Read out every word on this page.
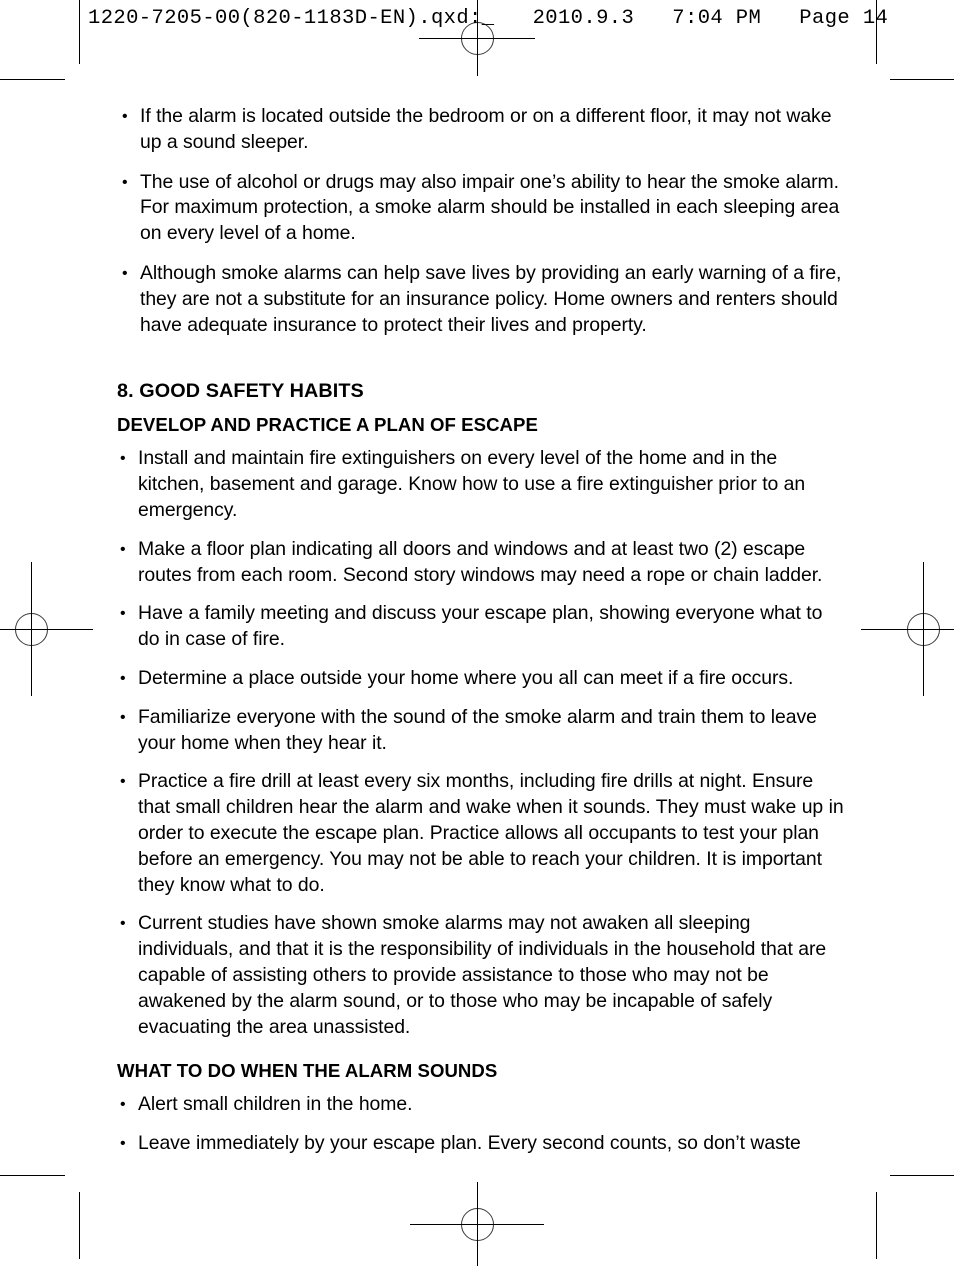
1220-7205-00(820-1183D-EN).qxd:_   2010.9.3   7:04 PM   Page 14
• If the alarm is located outside the bedroom or on a different floor, it may not wake up a sound sleeper.
• The use of alcohol or drugs may also impair one’s ability to hear the smoke alarm. For maximum protection, a smoke alarm should be installed in each sleeping area on every level of a home.
• Although smoke alarms can help save lives by providing an early warning of a fire, they are not a substitute for an insurance policy. Home owners and renters should have adequate insurance to protect their lives and property.
8. GOOD SAFETY HABITS
DEVELOP AND PRACTICE A PLAN OF ESCAPE
• Install and maintain fire extinguishers on every level of the home and in the kitchen, basement and garage. Know how to use a fire extinguisher prior to an emergency.
• Make a floor plan indicating all doors and windows and at least two (2) escape routes from each room. Second story windows may need a rope or chain ladder.
• Have a family meeting and discuss your escape plan, showing everyone what to do in case of fire.
• Determine a place outside your home where you all can meet if a fire occurs.
• Familiarize everyone with the sound of the smoke alarm and train them to leave your home when they hear it.
• Practice a fire drill at least every six months, including fire drills at night. Ensure that small children hear the alarm and wake when it sounds. They must wake up in order to execute the escape plan. Practice allows all occupants to test your plan before an emergency. You may not be able to reach your children. It is important they know what to do.
• Current studies have shown smoke alarms may not awaken all sleeping individuals, and that it is the responsibility of individuals in the household that are capable of assisting others to provide assistance to those who may not be awakened by the alarm sound, or to those who may be incapable of safely evacuating the area unassisted.
WHAT TO DO WHEN THE ALARM SOUNDS
• Alert small children in the home.
• Leave immediately by your escape plan. Every second counts, so don’t waste
